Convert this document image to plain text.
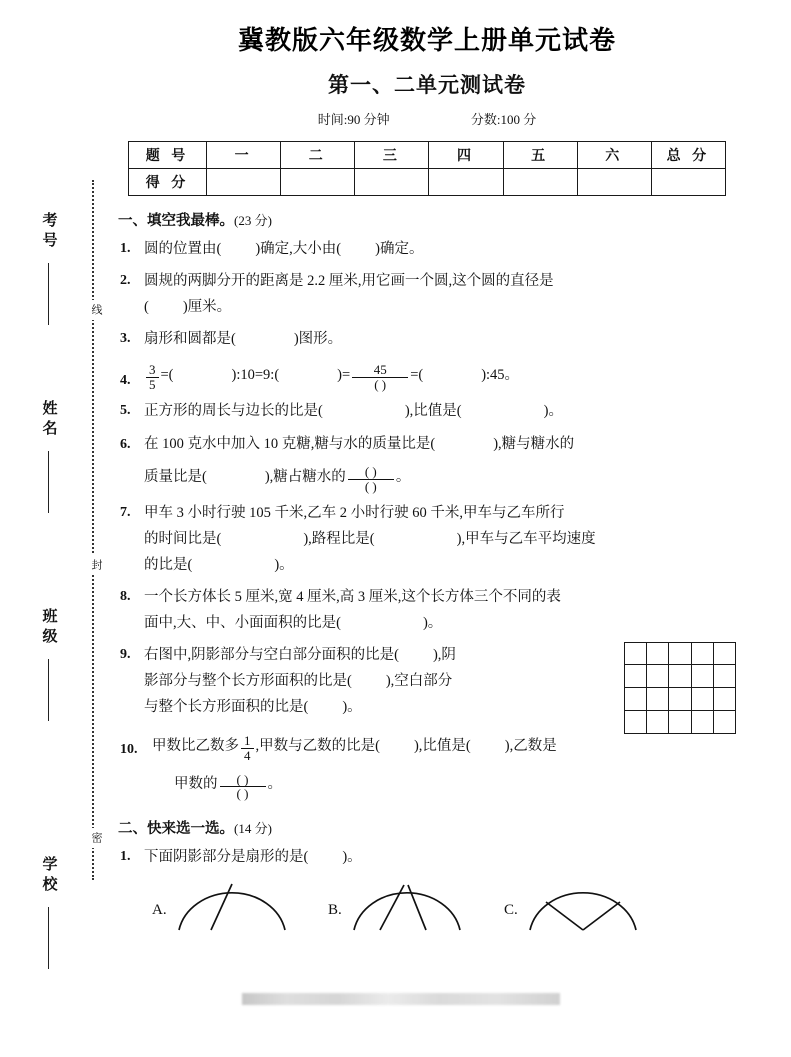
线
封
密
考号
姓名
班级
学校
冀教版六年级数学上册单元试卷
第一、二单元测试卷
时间:90 分钟	分数:100 分
题 号	一	二	三	四	五	六	总 分
得 分							
一、填空我最棒。(23 分)
1. 圆的位置由( )确定,大小由( )确定。
2. 圆规的两脚分开的距离是 2.2 厘米,用它画一个圆,这个圆的直径是
( )厘米。
3. 扇形和圆都是(	)图形。
4. $\frac{3}{5}$ =(	):10=9:(	)= $\frac{45}{( )}$ =(	):45。
5. 正方形的周长与边长的比是(	),比值是(	)。
6. 在 100 克水中加入 10 克糖,糖与水的质量比是(	),糖与糖水的
质量比是(	),糖占糖水的 $\frac{( )}{( )}$ 。
7. 甲车 3 小时行驶 105 千米,乙车 2 小时行驶 60 千米,甲车与乙车所行
的时间比是(	),路程比是(	),甲车与乙车平均速度
的比是(	)。
8. 一个长方体长 5 厘米,宽 4 厘米,高 3 厘米,这个长方体三个不同的表
面中,大、中、小面面积的比是(	)。
9. 右图中,阴影部分与空白部分面积的比是( ),阴
影部分与整个长方形面积的比是( ),空白部分
与整个长方形面积的比是( )。
10. 甲数比乙数多 $\frac{1}{4}$ ,甲数与乙数的比是( ),比值是( ),乙数是
甲数的 $\frac{( )}{( )}$ 。
二、快来选一选。(14 分)
1. 下面阴影部分是扇形的是( )。
A.	B.	C.
